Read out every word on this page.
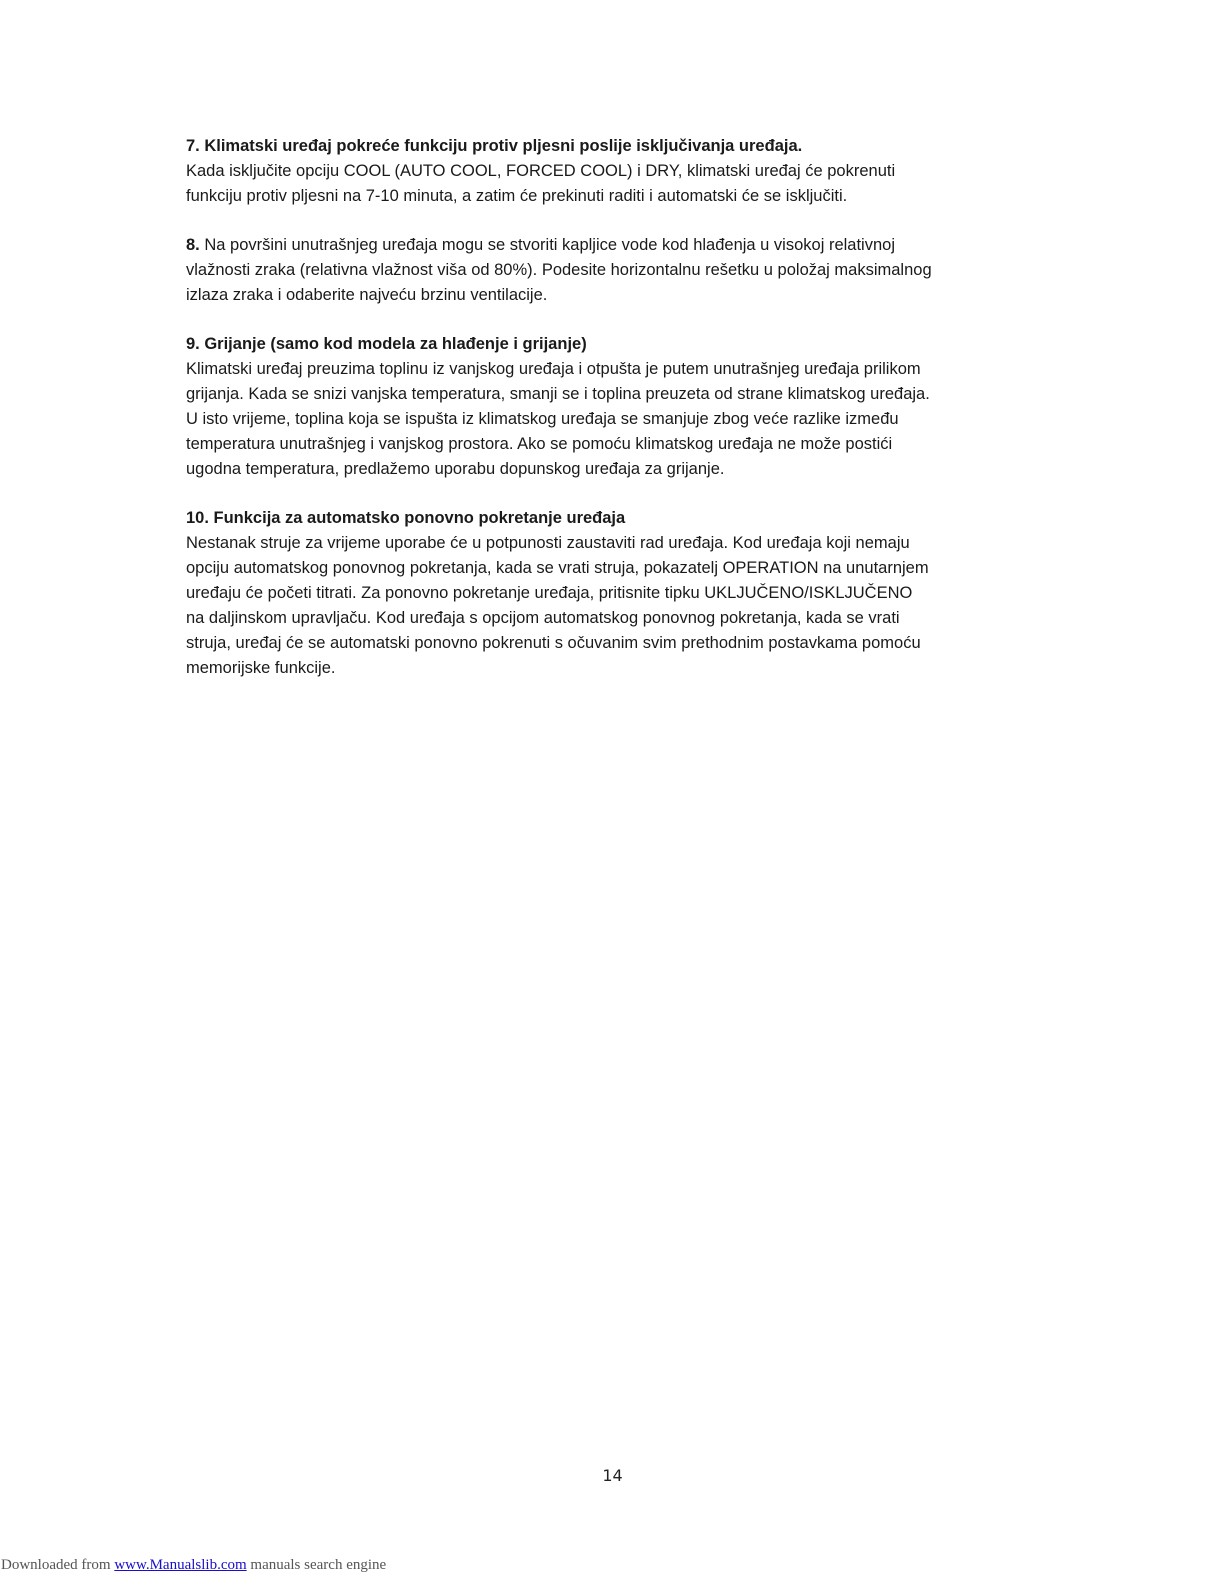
7. Klimatski uređaj pokreće funkciju protiv pljesni poslije isključivanja uređaja.

Kada isključite opciju COOL (AUTO COOL, FORCED COOL) i DRY, klimatski uređaj će pokrenuti

funkciju protiv pljesni na 7-10 minuta, a zatim će prekinuti raditi i automatski će se isključiti.

8. Na površini unutrašnjeg uređaja mogu se stvoriti kapljice vode kod hlađenja u visokoj relativnoj

vlažnosti zraka (relativna vlažnost viša od 80%). Podesite horizontalnu rešetku u položaj maksimalnog

izlaza zraka i odaberite najveću brzinu ventilacije.

9. Grijanje (samo kod modela za hlađenje i grijanje)

Klimatski uređaj preuzima toplinu iz vanjskog uređaja i otpušta je putem unutrašnjeg uređaja prilikom

grijanja. Kada se snizi vanjska temperatura, smanji se i toplina preuzeta od strane klimatskog uređaja.

U isto vrijeme, toplina koja se ispušta iz klimatskog uređaja se smanjuje zbog veće razlike između

temperatura unutrašnjeg i vanjskog prostora. Ako se pomoću klimatskog uređaja ne može postići

ugodna temperatura, predlažemo uporabu dopunskog uređaja za grijanje.

10. Funkcija za automatsko ponovno pokretanje uređaja

Nestanak struje za vrijeme uporabe će u potpunosti zaustaviti rad uređaja. Kod uređaja koji nemaju

opciju automatskog ponovnog pokretanja, kada se vrati struja, pokazatelj OPERATION na unutarnjem

uređaju će početi titrati. Za ponovno pokretanje uređaja, pritisnite tipku UKLJUČENO/ISKLJUČENO

na daljinskom upravljaču. Kod uređaja s opcijom automatskog ponovnog pokretanja, kada se vrati

struja, uređaj će se automatski ponovno pokrenuti s očuvanim svim prethodnim postavkama pomoću

memorijske funkcije.

14
Downloaded from www.Manualslib.com manuals search engine
